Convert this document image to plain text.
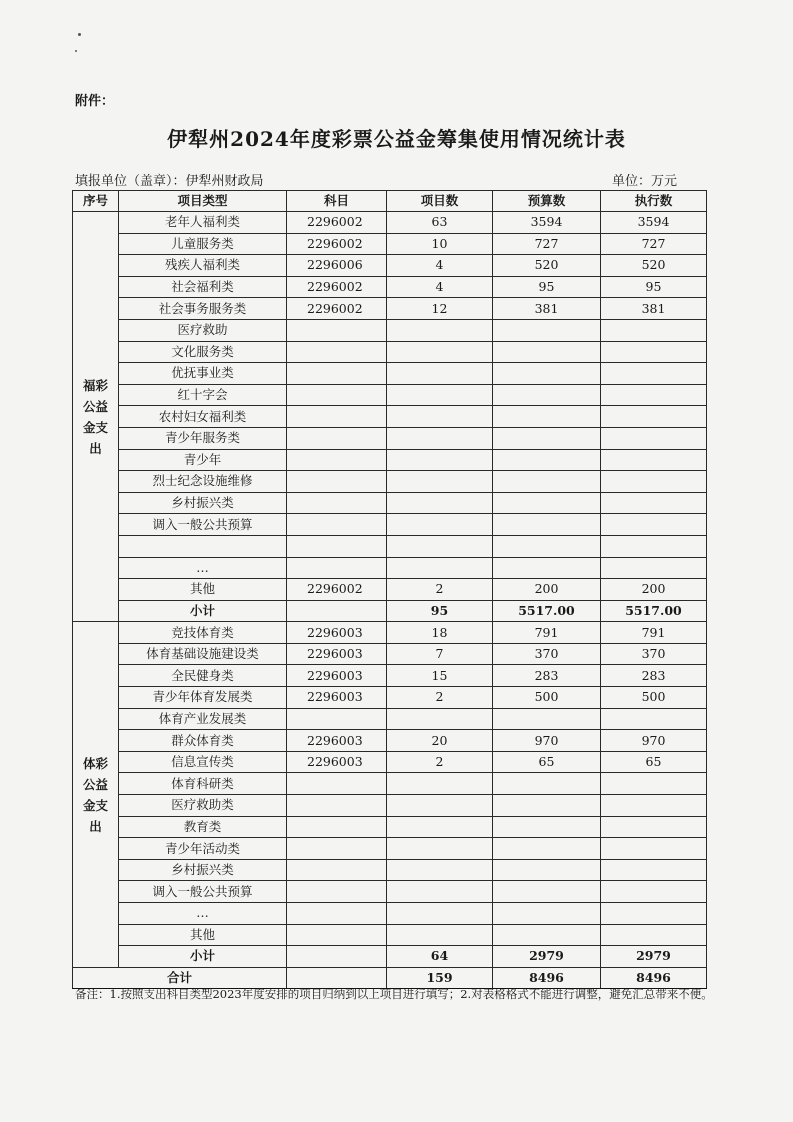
附件：
伊犁州2024年度彩票公益金筹集使用情况统计表
填报单位（盖章）：伊犁州财政局	单位：万元
序号	项目类型	科目	项目数	预算数	执行数
福彩公益金支出	老年人福利类	2296002	63	3594	3594
	儿童服务类	2296002	10	727	727
	残疾人福利类	2296006	4	520	520
	社会福利类	2296002	4	95	95
	社会事务服务类	2296002	12	381	381
	医疗救助				
	文化服务类				
	优抚事业类				
	红十字会				
	农村妇女福利类				
	青少年服务类				
	青少年				
	烈士纪念设施维修				
	乡村振兴类				
	调入一般公共预算				

	…				
	其他	2296002	2	200	200
	小计		95	5517.00	5517.00
体彩公益金支出	竞技体育类	2296003	18	791	791
	体育基础设施建设类	2296003	7	370	370
	全民健身类	2296003	15	283	283
	青少年体育发展类	2296003	2	500	500
	体育产业发展类				
	群众体育类	2296003	20	970	970
	信息宣传类	2296003	2	65	65
	体育科研类				
	医疗救助类				
	教育类				
	青少年活动类				
	乡村振兴类				
	调入一般公共预算				
	…				
	其他				
	小计		64	2979	2979
合计			159	8496	8496
备注：1.按照支出科目类型2023年度安排的项目归纳到以上项目进行填写；2.对表格格式不能进行调整，避免汇总带来不便。
